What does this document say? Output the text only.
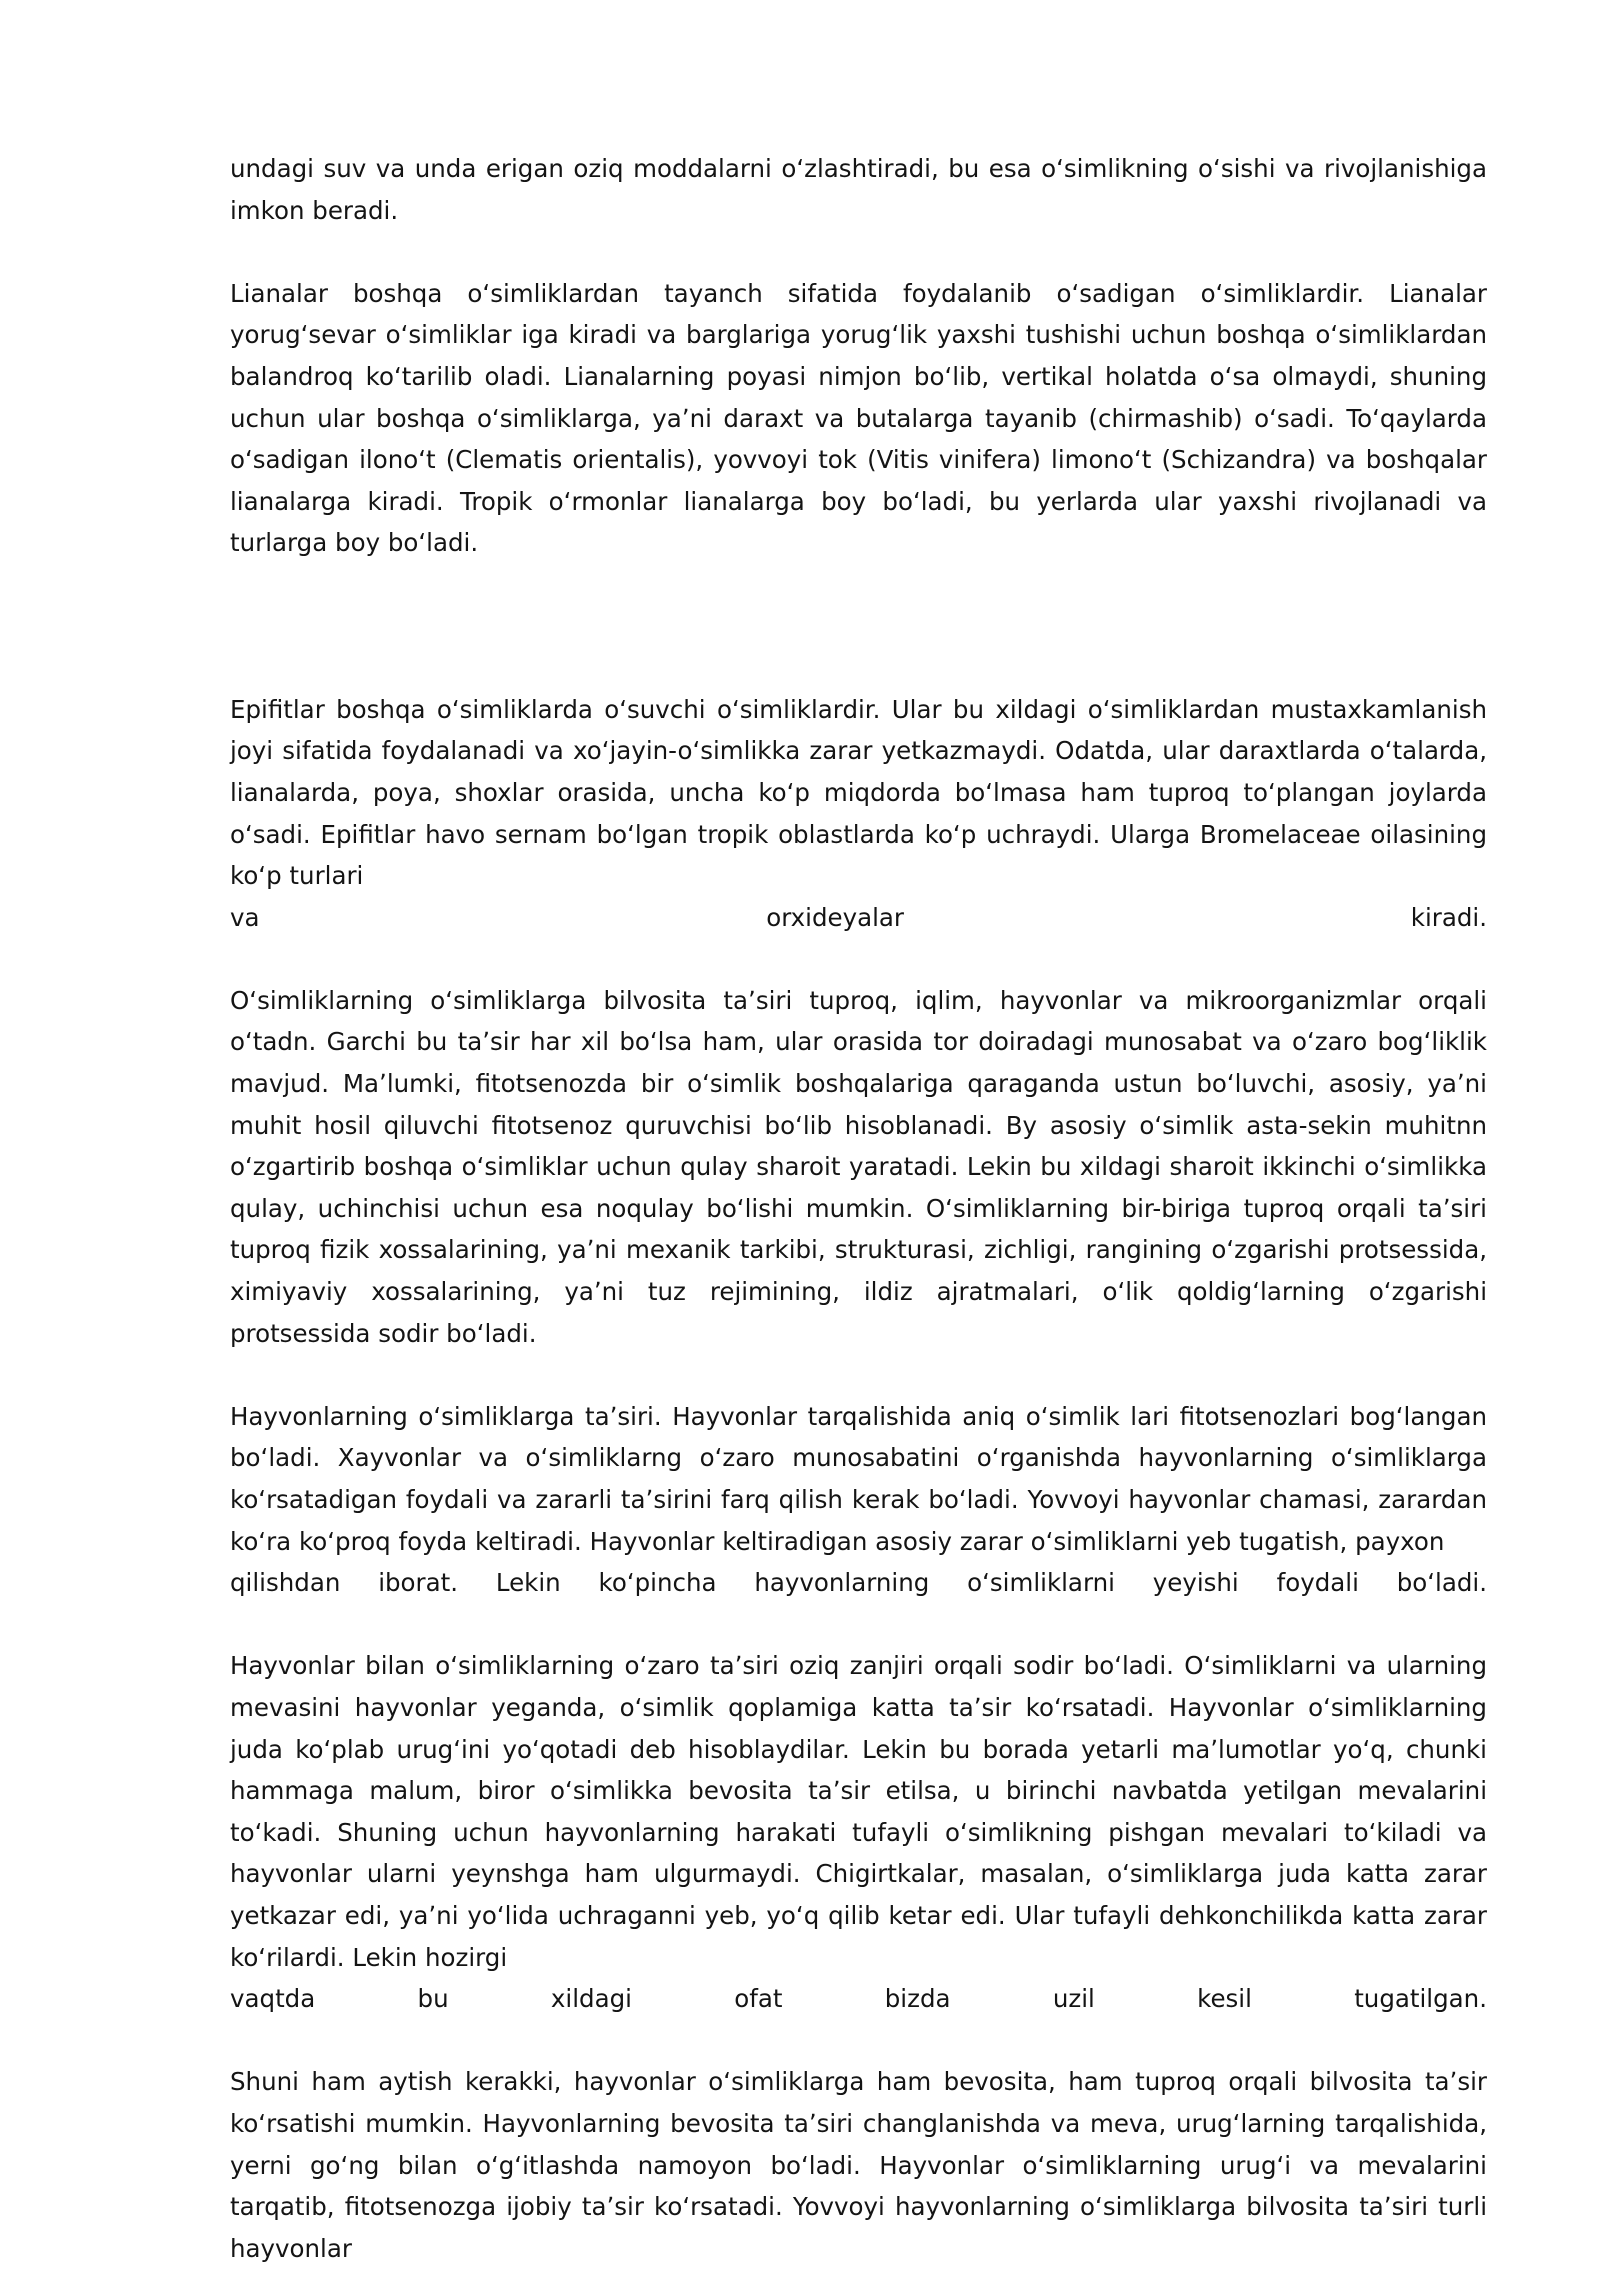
undagi suv va unda erigan oziq moddalarni oʻzlashtiradi, bu esa oʻsimlikning oʻsishi va rivojlanishiga imkon beradi.

Lianalar boshqa oʻsimliklardan tayanch sifatida foydalanib oʻsadigan oʻsimliklardir. Lianalar yorugʻsevar oʻsimliklar iga kiradi va barglariga yorugʻlik yaxshi tushishi uchun boshqa oʻsimliklardan balandroq koʻtarilib oladi. Lianalarning poyasi nimjon boʻlib, vertikal holatda oʻsa olmaydi, shuning uchun ular boshqa oʻsimliklarga, yaʼni daraxt va butalarga tayanib (chirmashib) oʻsadi. Toʻqaylarda oʻsadigan ilonoʻt (Clematis orientalis), yovvoyi tok (Vitis vinifera) limonoʻt (Schizandra) va boshqalar lianalarga kiradi. Tropik oʻrmonlar lianalarga boy boʻladi, bu yerlarda ular yaxshi rivojlanadi va turlarga boy boʻladi.

Epifitlar boshqa oʻsimliklarda oʻsuvchi oʻsimliklardir. Ular bu xildagi oʻsimliklardan mustaxkamlanish joyi sifatida foydalanadi va xoʻjayin-oʻsimlikka zarar yetkazmaydi. Odatda, ular daraxtlarda oʻtalarda, lianalarda, poya, shoxlar orasida, uncha koʻp miqdorda boʻlmasa ham tuproq toʻplangan joylarda oʻsadi. Epifitlar havo sernam boʻlgan tropik oblastlarda koʻp uchraydi. Ularga Bromelaceae oilasining koʻp turlari

va	orxideyalar	kiradi.

Oʻsimliklarning oʻsimliklarga bilvosita taʼsiri tuproq, iqlim, hayvonlar va mikroorganizmlar orqali oʻtadn. Garchi bu taʼsir har xil boʻlsa ham, ular orasida tor doiradagi munosabat va oʻzaro bogʻliklik mavjud. Maʼlumki, fitotsenozda bir oʻsimlik boshqalariga qaraganda ustun boʻluvchi, asosiy, yaʼni muhit hosil qiluvchi fitotsenoz quruvchisi boʻlib hisoblanadi. By asosiy oʻsimlik asta-sekin muhitnn oʻzgartirib boshqa oʻsimliklar uchun qulay sharoit yaratadi. Lekin bu xildagi sharoit ikkinchi oʻsimlikka qulay, uchinchisi uchun esa noqulay boʻlishi mumkin. Oʻsimliklarning bir-biriga tuproq orqali taʼsiri tuproq fizik xossalarining, yaʼni mexanik tarkibi, strukturasi, zichligi, rangining oʻzgarishi protsessida, ximiyaviy xossalarining, yaʼni tuz rejimining, ildiz ajratmalari, oʻlik qoldigʻlarning oʻzgarishi protsessida sodir boʻladi.

Hayvonlarning oʻsimliklarga taʼsiri. Hayvonlar tarqalishida aniq oʻsimlik lari fitotsenozlari bogʻlangan boʻladi. Xayvonlar va oʻsimliklarng oʻzaro munosabatini oʻrganishda hayvonlarning oʻsimliklarga koʻrsatadigan foydali va zararli taʼsirini farq qilish kerak boʻladi. Yovvoyi hayvonlar chamasi, zarardan koʻra koʻproq foyda keltiradi. Hayvonlar keltiradigan asosiy zarar oʻsimliklarni yeb tugatish, payxon

qilishdan iborat. Lekin koʻpincha hayvonlarning oʻsimliklarni yeyishi foydali boʻladi.

Hayvonlar bilan oʻsimliklarning oʻzaro taʼsiri oziq zanjiri orqali sodir boʻladi. Oʻsimliklarni va ularning mevasini hayvonlar yeganda, oʻsimlik qoplamiga katta taʼsir koʻrsatadi. Hayvonlar oʻsimliklarning juda koʻplab urugʻini yoʻqotadi deb hisoblaydilar. Lekin bu borada yetarli maʼlumotlar yoʻq, chunki hammaga malum, biror oʻsimlikka bevosita taʼsir etilsa, u birinchi navbatda yetilgan mevalarini toʻkadi. Shuning uchun hayvonlarning harakati tufayli oʻsimlikning pishgan mevalari toʻkiladi va hayvonlar ularni yeynshga ham ulgurmaydi. Chigirtkalar, masalan, oʻsimliklarga juda katta zarar yetkazar edi, yaʼni yoʻlida uchraganni yeb, yoʻq qilib ketar edi. Ular tufayli dehkonchilikda katta zarar koʻrilardi. Lekin hozirgi

vaqtda	bu	xildagi	ofat	bizda	uzil	kesil	tugatilgan.

Shuni ham aytish kerakki, hayvonlar oʻsimliklarga ham bevosita, ham tuproq orqali bilvosita taʼsir koʻrsatishi mumkin. Hayvonlarning bevosita taʼsiri changlanishda va meva, urugʻlarning tarqalishida, yerni goʻng bilan oʻgʻitlashda namoyon boʻladi. Hayvonlar oʻsimliklarning urugʻi va mevalarini tarqatib, fitotsenozga ijobiy taʼsir koʻrsatadi. Yovvoyi hayvonlarning oʻsimliklarga bilvosita taʼsiri turli hayvonlar
